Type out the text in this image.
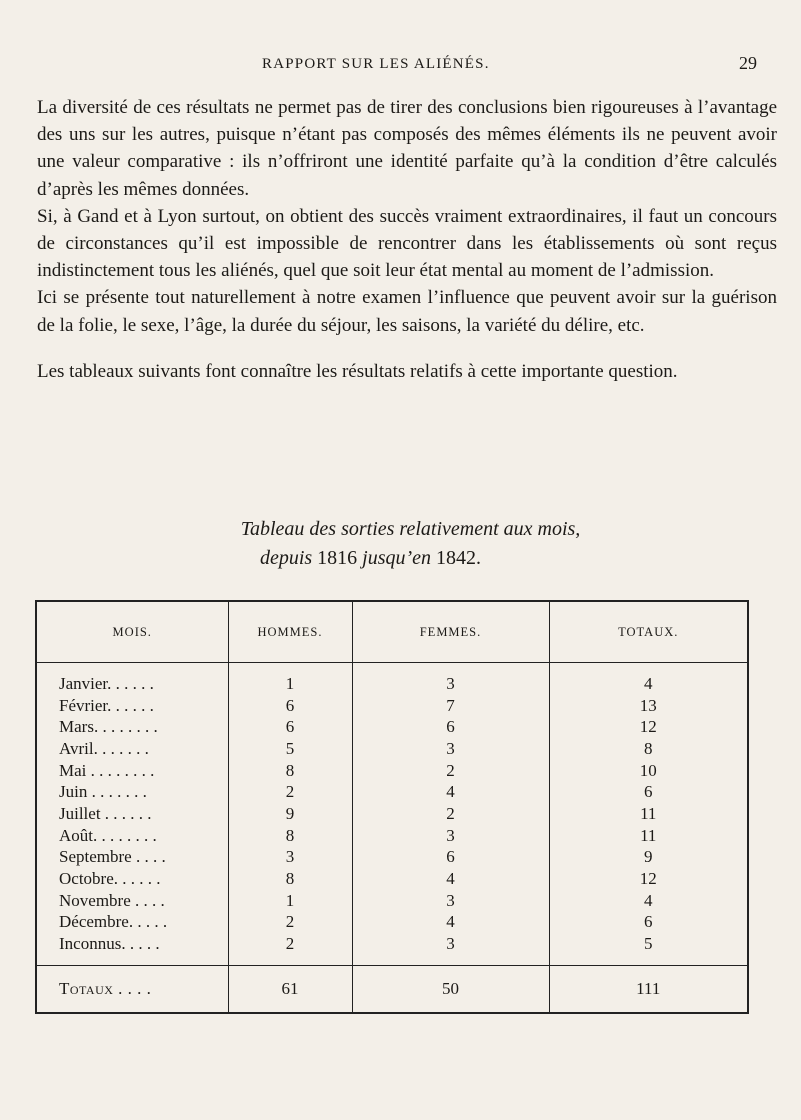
RAPPORT SUR LES ALIÉNÉS.	29

La diversité de ces résultats ne permet pas de tirer des conclusions bien rigoureuses à l’avantage des uns sur les autres, puisque n’étant pas composés des mêmes éléments ils ne peuvent avoir une valeur comparative : ils n’offriront une identité parfaite qu’à la condition d’être calculés d’après les mêmes données.

Si, à Gand et à Lyon surtout, on obtient des succès vraiment extraordinaires, il faut un concours de circonstances qu’il est impossible de rencontrer dans les établissements où sont reçus indistinctement tous les aliénés, quel que soit leur état mental au moment de l’admission.

Ici se présente tout naturellement à notre examen l’influence que peuvent avoir sur la guérison de la folie, le sexe, l’âge, la durée du séjour, les saisons, la variété du délire, etc.

Les tableaux suivants font connaître les résultats relatifs à cette importante question.

Tableau des sorties relativement aux mois,
depuis 1816 jusqu’en 1842.
MOIS.	HOMMES.	FEMMES.	TOTAUX.
Janvier. . . . . .	1	3	4
Février. . . . . .	6	7	13
Mars. . . . . . . .	6	6	12
Avril. . . . . . .	5	3	8
Mai . . . . . . . .	8	2	10
Juin . . . . . . .	2	4	6
Juillet . . . . . .	9	2	11
Août. . . . . . . .	8	3	11
Septembre . . . .	3	6	9
Octobre. . . . . .	8	4	12
Novembre . . . .	1	3	4
Décembre. . . . .	2	4	6
Inconnus. . . . .	2	3	5
Totaux . . . .	61	50	111
